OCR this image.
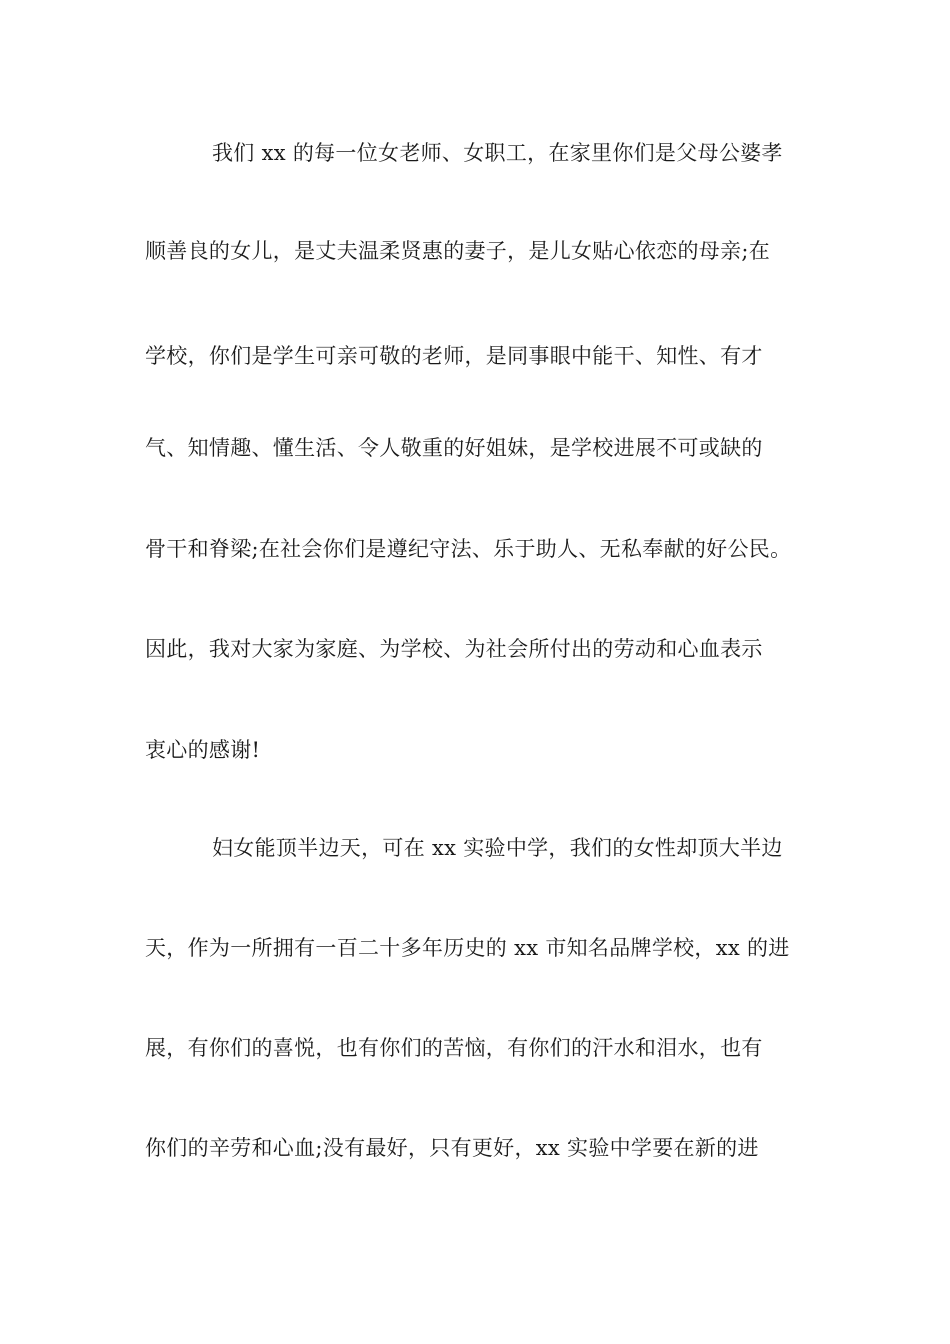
我们 xx 的每一位女老师、女职工，在家里你们是父母公婆孝
顺善良的女儿，是丈夫温柔贤惠的妻子，是儿女贴心依恋的母亲;在
学校，你们是学生可亲可敬的老师，是同事眼中能干、知性、有才
气、知情趣、懂生活、令人敬重的好姐妹，是学校进展不可或缺的
骨干和脊梁;在社会你们是遵纪守法、乐于助人、无私奉献的好公民。
因此，我对大家为家庭、为学校、为社会所付出的劳动和心血表示
衷心的感谢!
妇女能顶半边天，可在 xx 实验中学，我们的女性却顶大半边
天，作为一所拥有一百二十多年历史的 xx 市知名品牌学校，xx 的进
展，有你们的喜悦，也有你们的苦恼，有你们的汗水和泪水，也有
你们的辛劳和心血;没有最好，只有更好，xx 实验中学要在新的进
